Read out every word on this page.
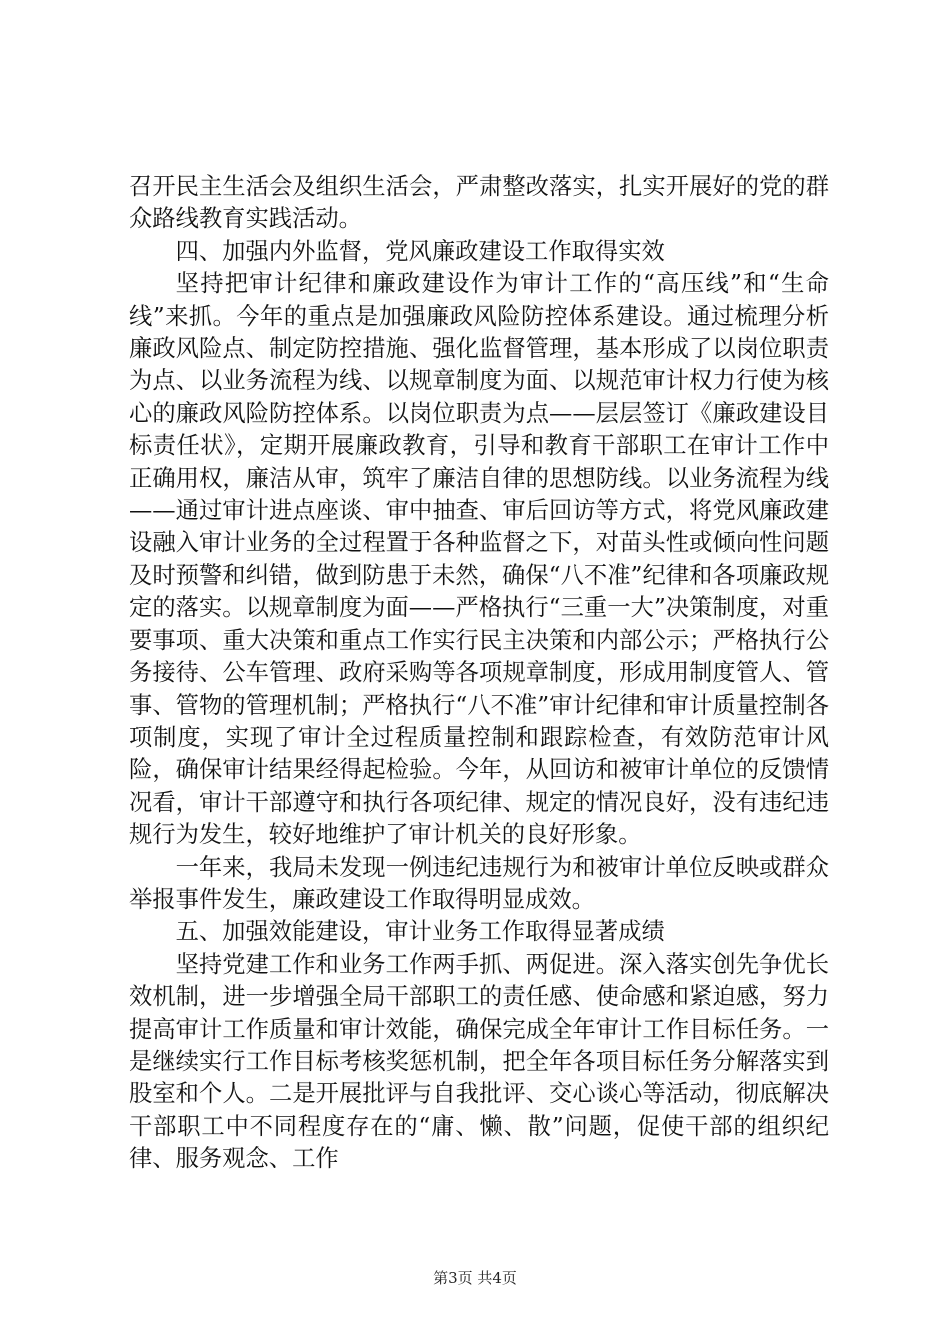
召开民主生活会及组织生活会，严肃整改落实，扎实开展好的党的群众路线教育实践活动。

四、加强内外监督，党风廉政建设工作取得实效

坚持把审计纪律和廉政建设作为审计工作的“高压线”和“生命线”来抓。今年的重点是加强廉政风险防控体系建设。通过梳理分析廉政风险点、制定防控措施、强化监督管理，基本形成了以岗位职责为点、以业务流程为线、以规章制度为面、以规范审计权力行使为核心的廉政风险防控体系。以岗位职责为点——层层签订《廉政建设目标责任状》，定期开展廉政教育，引导和教育干部职工在审计工作中正确用权，廉洁从审，筑牢了廉洁自律的思想防线。以业务流程为线——通过审计进点座谈、审中抽查、审后回访等方式，将党风廉政建设融入审计业务的全过程置于各种监督之下，对苗头性或倾向性问题及时预警和纠错，做到防患于未然，确保“八不准”纪律和各项廉政规定的落实。以规章制度为面——严格执行“三重一大”决策制度，对重要事项、重大决策和重点工作实行民主决策和内部公示；严格执行公务接待、公车管理、政府采购等各项规章制度，形成用制度管人、管事、管物的管理机制；严格执行“八不准”审计纪律和审计质量控制各项制度，实现了审计全过程质量控制和跟踪检查，有效防范审计风险，确保审计结果经得起检验。今年，从回访和被审计单位的反馈情况看，审计干部遵守和执行各项纪律、规定的情况良好，没有违纪违规行为发生，较好地维护了审计机关的良好形象。

一年来，我局未发现一例违纪违规行为和被审计单位反映或群众举报事件发生，廉政建设工作取得明显成效。

五、加强效能建设，审计业务工作取得显著成绩

坚持党建工作和业务工作两手抓、两促进。深入落实创先争优长效机制，进一步增强全局干部职工的责任感、使命感和紧迫感，努力提高审计工作质量和审计效能，确保完成全年审计工作目标任务。一是继续实行工作目标考核奖惩机制，把全年各项目标任务分解落实到股室和个人。二是开展批评与自我批评、交心谈心等活动，彻底解决干部职工中不同程度存在的“庸、懒、散”问题，促使干部的组织纪律、服务观念、工作

第3页 共4页
